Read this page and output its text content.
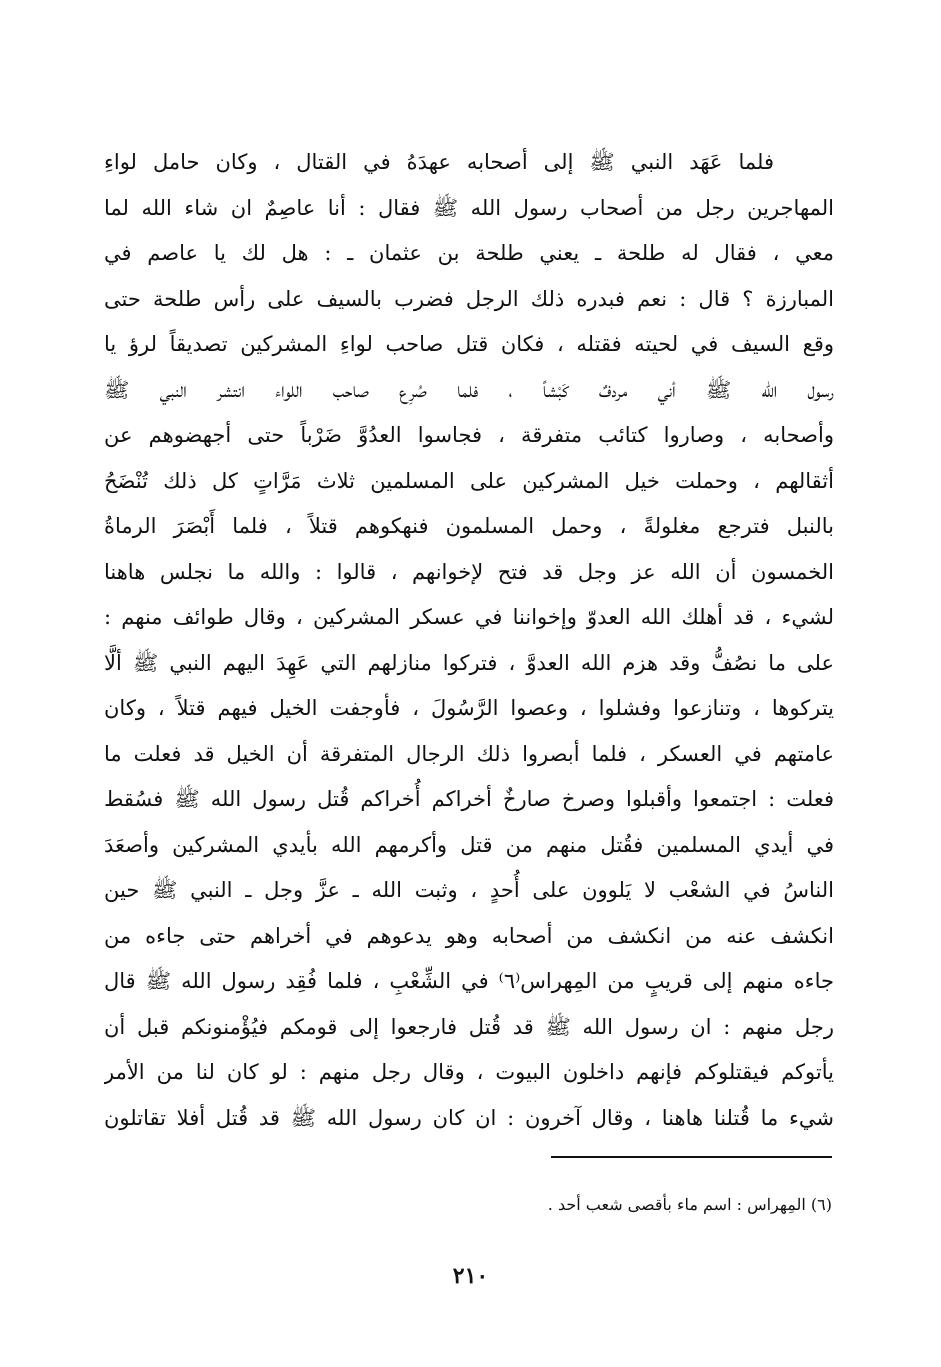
فلما عَهَد النبي ﷺ إلى أصحابه عهدَهُ في القتال ، وكان حامل لواءِ
المهاجرين رجل من أصحاب رسول الله ﷺ فقال : أنا عاصِمٌ ان شاء الله لما
معي ، فقال له طلحة ـ يعني طلحة بن عثمان ـ : هل لك يا عاصم في
المبارزة ؟ قال : نعم فبدره ذلك الرجل فضرب بالسيف على رأس طلحة حتى
وقع السيف في لحيته فقتله ، فكان قتل صاحب لواءِ المشركين تصديقاً لرؤ يا
رسول الله ﷺ أني مردفٌ كَبْشاً ، فلما صُرِع صاحب اللواء انتشر النبي ﷺ
وأصحابه ، وصاروا كتائب متفرقة ، فجاسوا العدُوَّ ضَرْباً حتى أجهضوهم عن
أثقالهم ، وحملت خيل المشركين على المسلمين ثلاث مَرَّاتٍ كل ذلك تُنْضَحُ
بالنبل فترجع مغلولةً ، وحمل المسلمون فنهكوهم قتلاً ، فلما أَبْصَرَ الرماةُ
الخمسون أن الله عز وجل قد فتح لإخوانهم ، قالوا : والله ما نجلس هاهنا
لشيء ، قد أهلك الله العدوّ وإخواننا في عسكر المشركين ، وقال طوائف منهم :
على ما نصُفُّ وقد هزم الله العدوَّ ، فتركوا منازلهم التي عَهِدَ اليهم النبي ﷺ ألَّا
يتركوها ، وتنازعوا وفشلوا ، وعصوا الرَّسُولَ ، فأوجفت الخيل فيهم قتلاً ، وكان
عامتهم في العسكر ، فلما أبصروا ذلك الرجال المتفرقة أن الخيل قد فعلت ما
فعلت : اجتمعوا وأقبلوا وصرخ صارخٌ أخراكم أُخراكم قُتل رسول الله ﷺ فسُقط
في أيدي المسلمين فقُتل منهم من قتل وأكرمهم الله بأيدي المشركين وأصعَدَ
الناسُ في الشعْب لا يَلوون على أُحدٍ ، وثبت الله ـ عزَّ وجل ـ النبي ﷺ حين
انكشف عنه من انكشف من أصحابه وهو يدعوهم في أخراهم حتى جاءه من
جاءه منهم إلى قريبٍ من المِهراس⁽٦⁾ في الشِّعْبِ ، فلما فُقِد رسول الله ﷺ قال
رجل منهم : ان رسول الله ﷺ قد قُتل فارجعوا إلى قومكم فيُؤْمنونكم قبل أن
يأتوكم فيقتلوكم فإنهم داخلون البيوت ، وقال رجل منهم : لو كان لنا من الأمر
شيء ما قُتلنا هاهنا ، وقال آخرون : ان كان رسول الله ﷺ قد قُتل أفلا تقاتلون
(٦) المِهراس : اسم ماء بأقصى شعب أحد .
٢١٠
